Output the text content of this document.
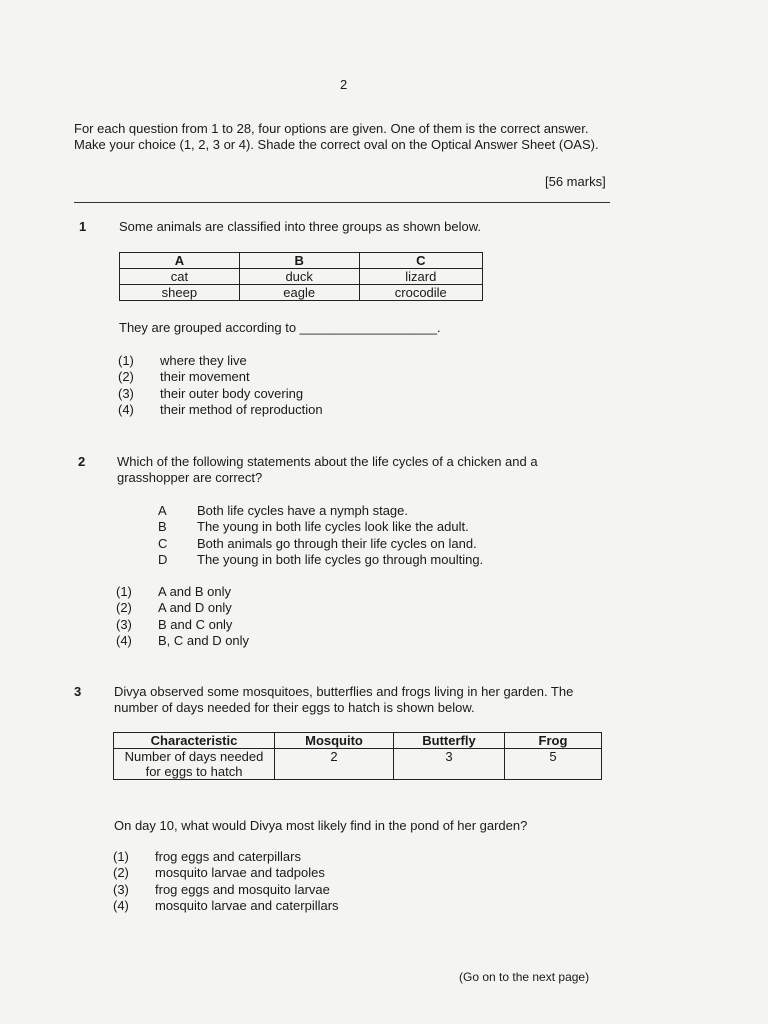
2
For each question from 1 to 28, four options are given. One of them is the correct answer. Make your choice (1, 2, 3 or 4). Shade the correct oval on the Optical Answer Sheet (OAS).
[56 marks]
1	Some animals are classified into three groups as shown below.
A	B	C
cat	duck	lizard
sheep	eagle	crocodile
They are grouped according to ___________________.
(1) where they live
(2) their movement
(3) their outer body covering
(4) their method of reproduction
2 Which of the following statements about the life cycles of a chicken and a grasshopper are correct?
A Both life cycles have a nymph stage.
B The young in both life cycles look like the adult.
C Both animals go through their life cycles on land.
D The young in both life cycles go through moulting.
(1) A and B only
(2) A and D only
(3) B and C only
(4) B, C and D only
3	Divya observed some mosquitoes, butterflies and frogs living in her garden. The number of days needed for their eggs to hatch is shown below.
Characteristic	Mosquito	Butterfly	Frog
Number of days needed for eggs to hatch	2	3	5
On day 10, what would Divya most likely find in the pond of her garden?
(1) frog eggs and caterpillars
(2) mosquito larvae and tadpoles
(3) frog eggs and mosquito larvae
(4) mosquito larvae and caterpillars
(Go on to the next page)
